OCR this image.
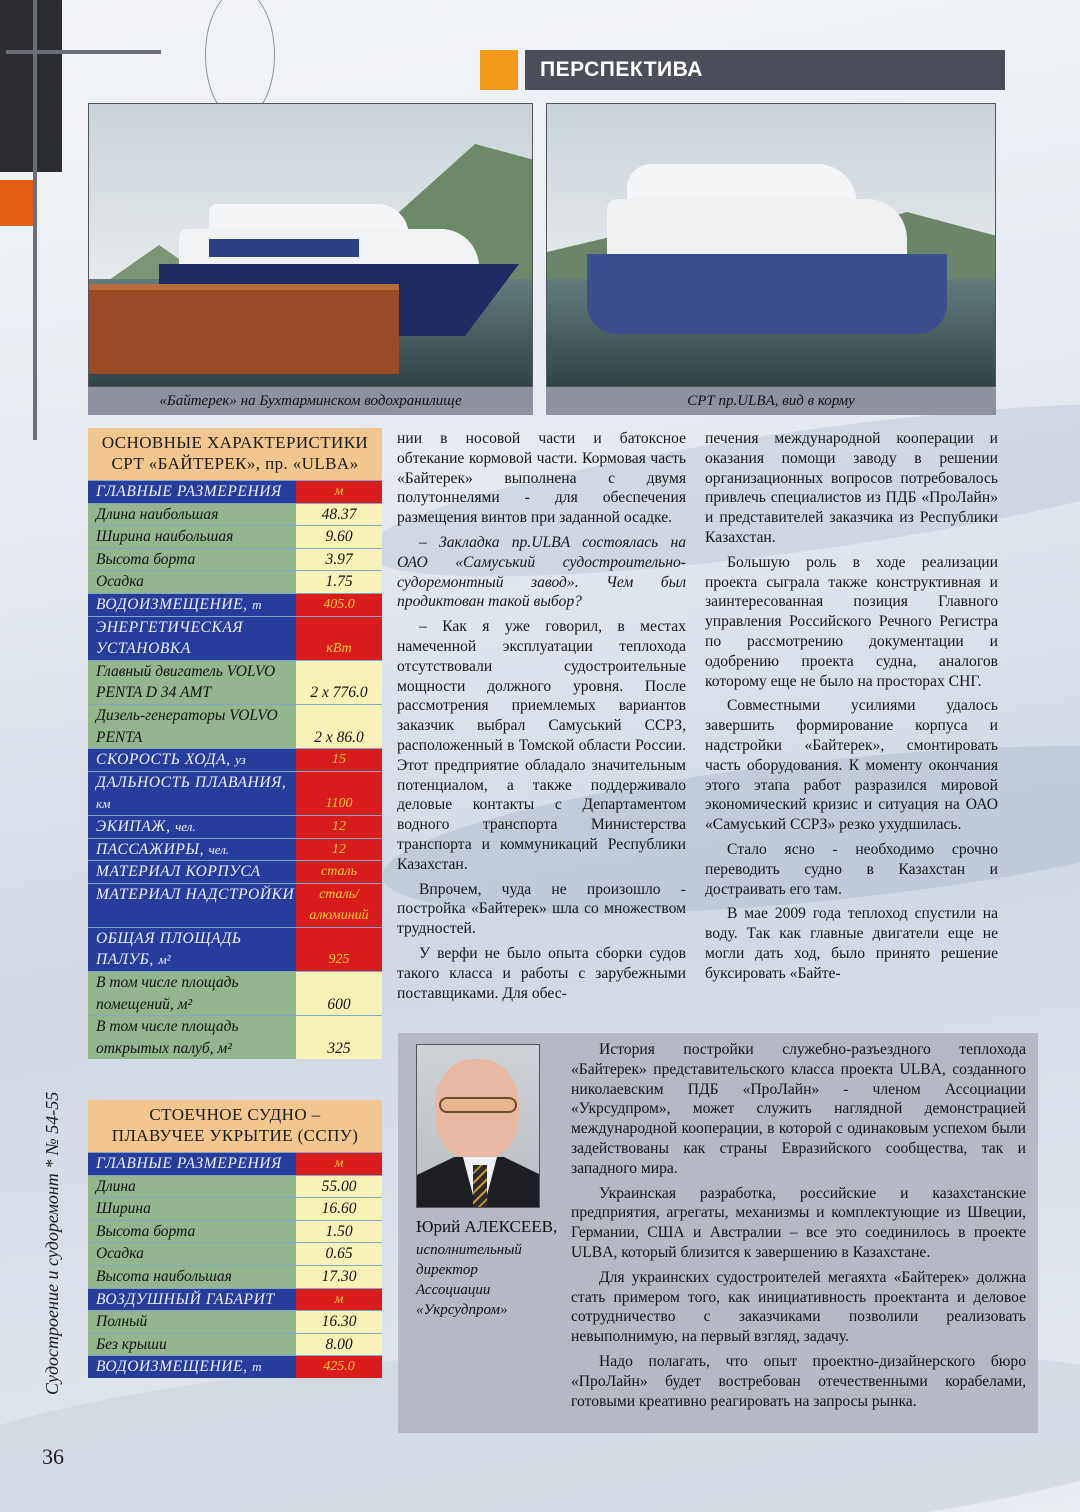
ПЕРСПЕКТИВА
«Байтерек» на Бухтарминском водохранилище	СРТ пр.ULBA, вид в корму
ОСНОВНЫЕ ХАРАКТЕРИСТИКИ
СРТ «БАЙТЕРЕК», пр. «ULBA»
ГЛАВНЫЕ РАЗМЕРЕНИЯ	м
Длина наибольшая	48.37
Ширина наибольшая	9.60
Высота борта	3.97
Осадка	1.75
ВОДОИЗМЕЩЕНИЕ, т	405.0
ЭНЕРГЕТИЧЕСКАЯ УСТАНОВКА	кВт
Главный двигатель VOLVO PENTA D 34 AMT	2 х 776.0
Дизель-генераторы VOLVO PENTA	2 х 86.0
СКОРОСТЬ ХОДА, уз	15
ДАЛЬНОСТЬ ПЛАВАНИЯ, км	1100
ЭКИПАЖ, чел.	12
ПАССАЖИРЫ, чел.	12
МАТЕРИАЛ КОРПУСА	сталь
МАТЕРИАЛ НАДСТРОЙКИ	сталь/ алюминий
ОБЩАЯ ПЛОЩАДЬ ПАЛУБ, м²	925
В том числе площадь помещений, м²	600
В том числе площадь открытых палуб, м²	325
СТОЕЧНОЕ СУДНО –
ПЛАВУЧЕЕ УКРЫТИЕ (ССПУ)
ГЛАВНЫЕ РАЗМЕРЕНИЯ	м
Длина	55.00
Ширина	16.60
Высота борта	1.50
Осадка	0.65
Высота наибольшая	17.30
ВОЗДУШНЫЙ ГАБАРИТ	м
Полный	16.30
Без крыши	8.00
ВОДОИЗМЕЩЕНИЕ, т	425.0

нии в носовой части и батоксное обтекание кормовой части. Кормовая часть «Байтерек» выполнена с двумя полутоннелями - для обеспечения размещения винтов при заданной осадке.

– Закладка пр.ULBA состоялась на ОАО «Самуський судостроительно-судоремонтный завод». Чем был продиктован такой выбор?

– Как я уже говорил, в местах намеченной эксплуатации теплохода отсутствовали судостроительные мощности должного уровня. После рассмотрения приемлемых вариантов заказчик выбрал Самуський ССРЗ, расположенный в Томской области России. Этот предприятие обладало значительным потенциалом, а также поддерживало деловые контакты с Департаментом водного транспорта Министерства транспорта и коммуникаций Республики Казахстан.

Впрочем, чуда не произошло - постройка «Байтерек» шла со множеством трудностей.

У верфи не было опыта сборки судов такого класса и работы с зарубежными поставщиками. Для обес-

печения международной кооперации и оказания помощи заводу в решении организационных вопросов потребовалось привлечь специалистов из ПДБ «ПроЛайн» и представителей заказчика из Республики Казахстан.

Большую роль в ходе реализации проекта сыграла также конструктивная и заинтересованная позиция Главного управления Российского Речного Регистра по рассмотрению документации и одобрению проекта судна, аналогов которому еще не было на просторах СНГ.

Совместными усилиями удалось завершить формирование корпуса и надстройки «Байтерек», смонтировать часть оборудования. К моменту окончания этого этапа работ разразился мировой экономический кризис и ситуация на ОАО «Самуський ССРЗ» резко ухудшилась.

Стало ясно - необходимо срочно переводить судно в Казахстан и достраивать его там.

В мае 2009 года теплоход спустили на воду. Так как главные двигатели еще не могли дать ход, было принято решение буксировать «Байте-

Юрий АЛЕКСЕЕВ,
исполнительный
директор
Ассоциации
«Укрсудпром»

История постройки служебно-разъездного теплохода «Байтерек» представительского класса проекта ULBA, созданного николаевским ПДБ «ПроЛайн» - членом Ассоциации «Укрсудпром», может служить наглядной демонстрацией международной кооперации, в которой с одинаковым успехом были задействованы как страны Евразийского сообщества, так и западного мира.

Украинская разработка, российские и казахстанские предприятия, агрегаты, механизмы и комплектующие из Швеции, Германии, США и Австралии – все это соединилось в проекте ULBA, который близится к завершению в Казахстане.

Для украинских судостроителей мегаяхта «Байтерек» должна стать примером того, как инициативность проектанта и деловое сотрудничество с заказчиками позволили реализовать невыполнимую, на первый взгляд, задачу.

Надо полагать, что опыт проектно-дизайнерского бюро «ПроЛайн» будет востребован отечественными корабелами, готовыми креативно реагировать на запросы рынка.

Судостроение и судоремонт * № 54-55
36
